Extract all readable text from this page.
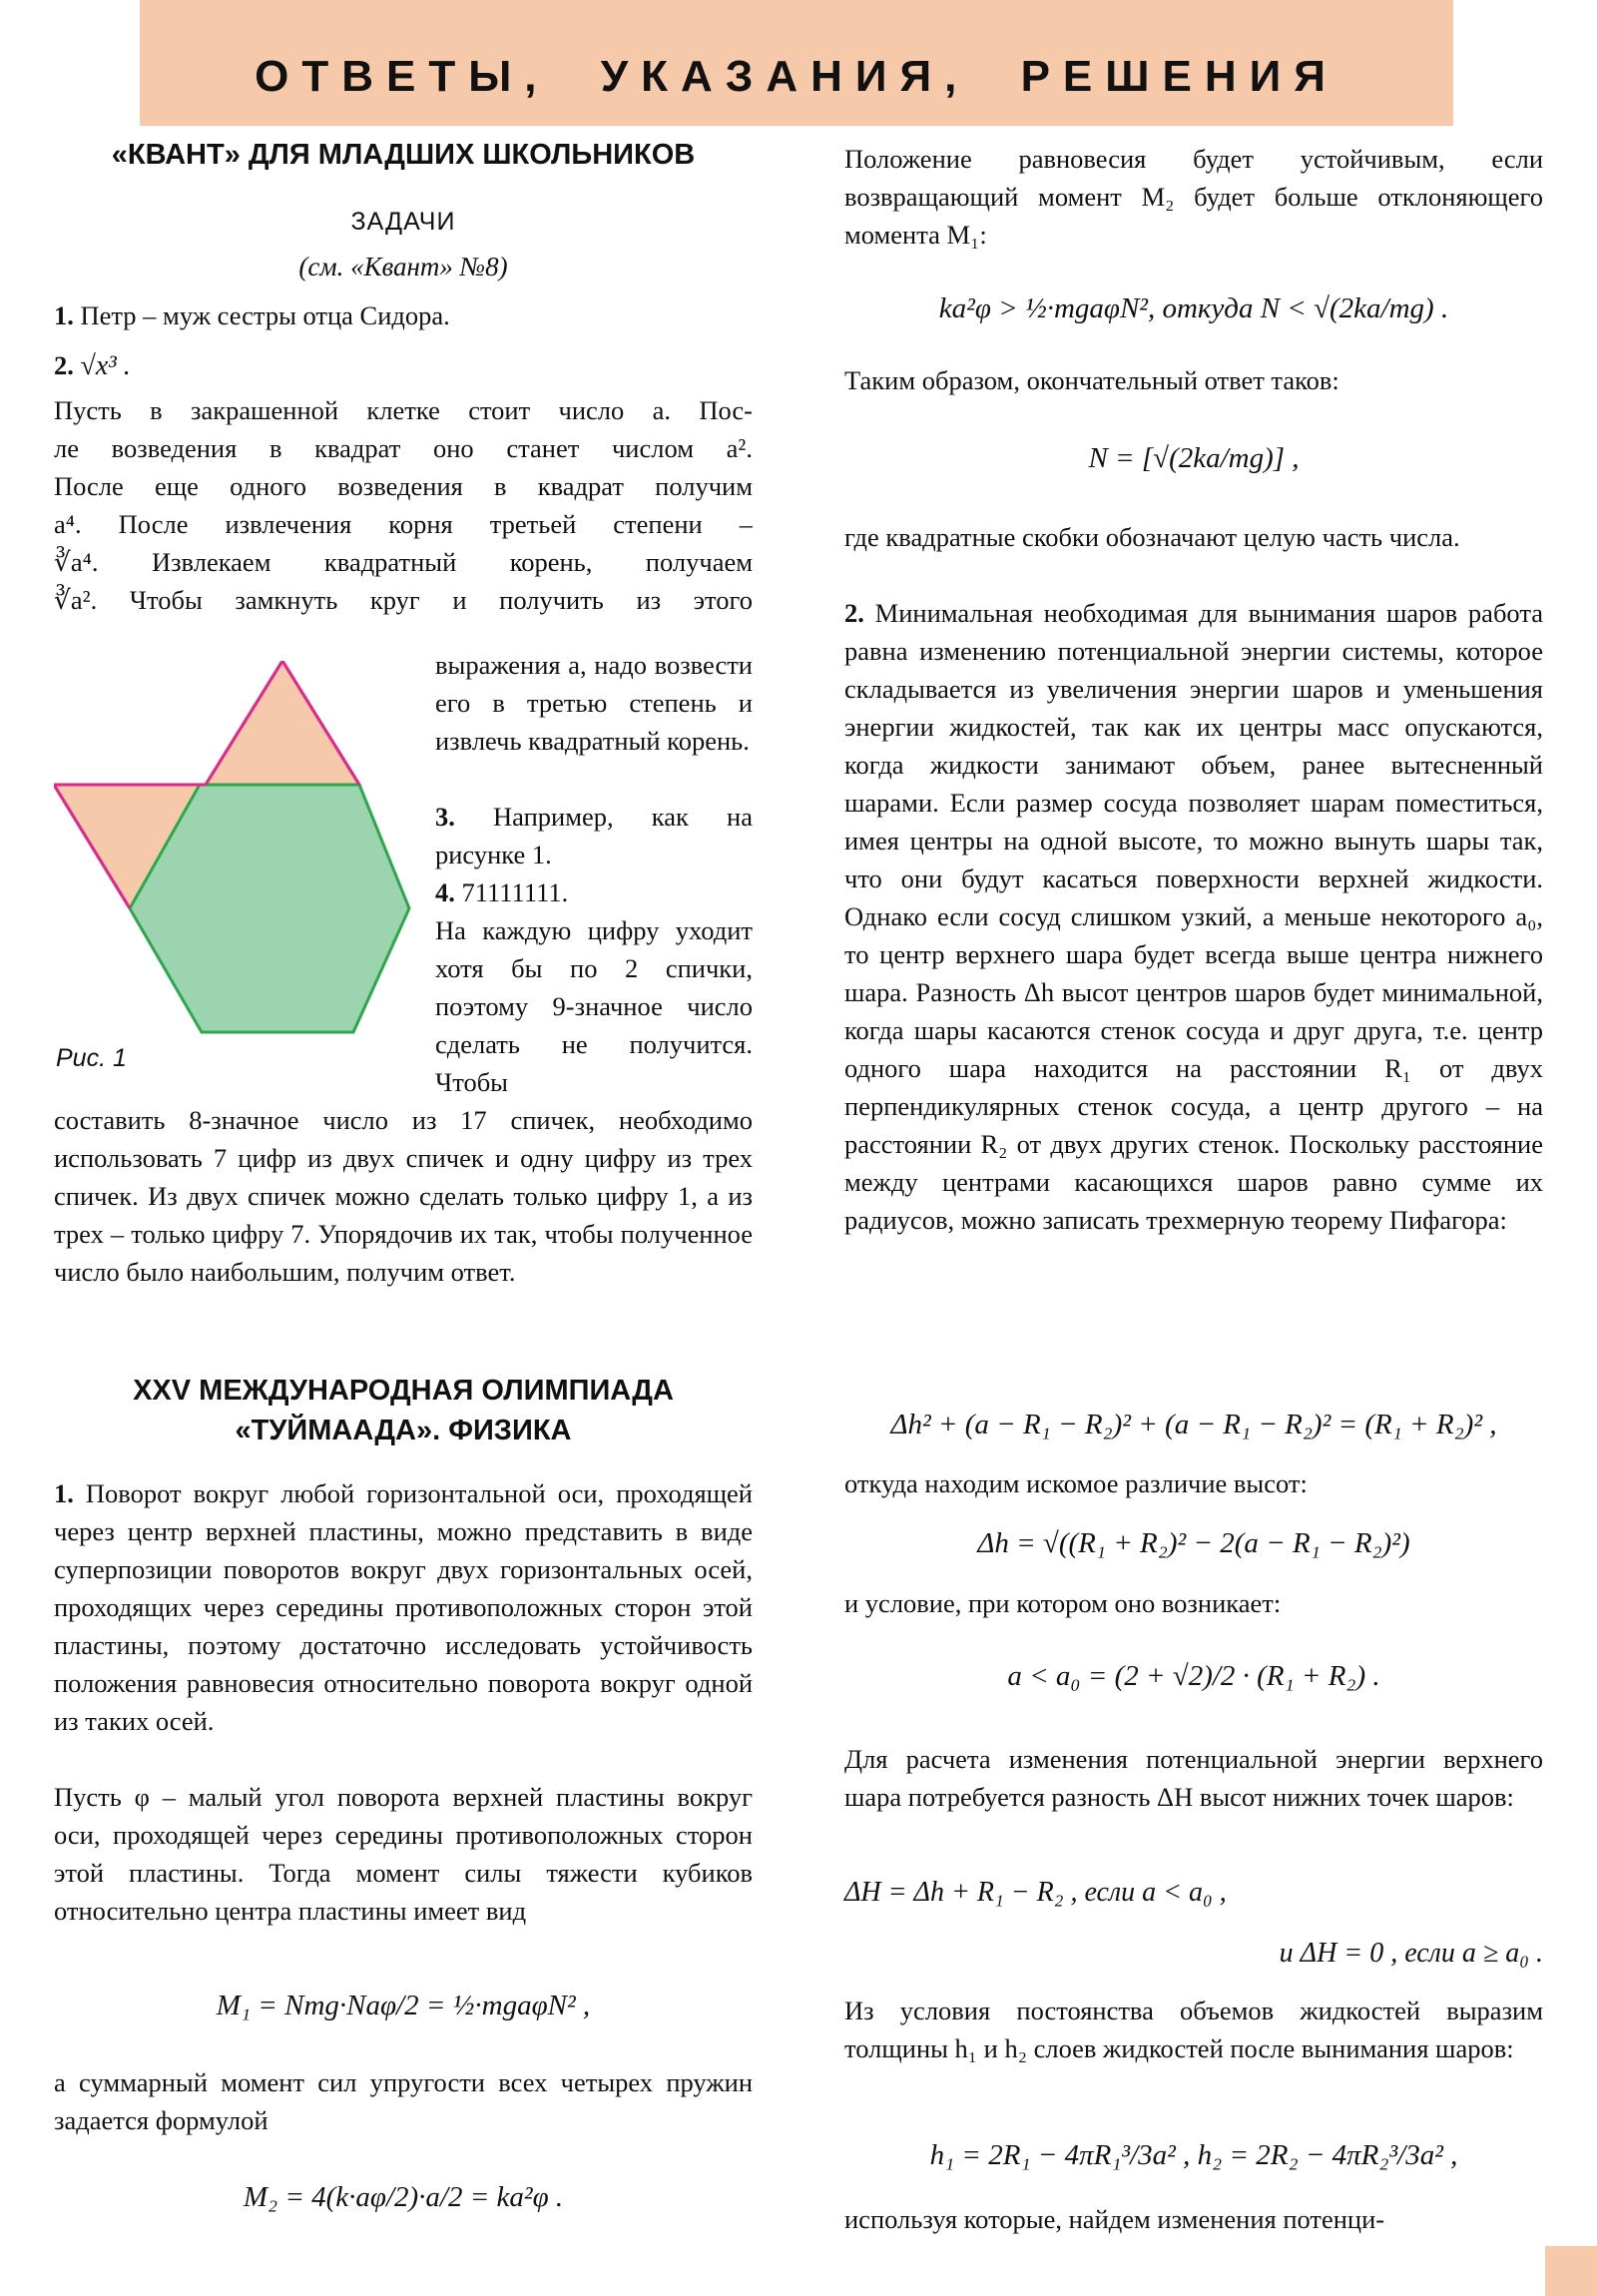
ОТВЕТЫ, УКАЗАНИЯ, РЕШЕНИЯ
«КВАНТ» ДЛЯ МЛАДШИХ ШКОЛЬНИКОВ
ЗАДАЧИ
(см. «Квант» №8)
1. Петр – муж сестры отца Сидора.
2. √x³ .
Пусть в закрашенной клетке стоит число a. Пос-
ле возведения в квадрат оно станет числом a².
После еще одного возведения в квадрат получим
a⁴. После извлечения корня третьей степени –
∛a⁴. Извлекаем квадратный корень, получаем
∛a². Чтобы замкнуть круг и получить из этого
выражения a, надо возвести его в третью степень и извлечь квадратный корень.
3. Например, как на рисунке 1.
4. 71111111.
На каждую цифру уходит хотя бы по 2 спички, поэтому 9-значное число сделать не получится. Чтобы
составить 8-значное число из 17 спичек, необходимо использовать 7 цифр из двух спичек и одну цифру из трех спичек. Из двух спичек можно сделать только цифру 1, а из трех – только цифру 7. Упорядочив их так, чтобы полученное число было наибольшим, получим ответ.
XXV МЕЖДУНАРОДНАЯ ОЛИМПИАДА
«ТУЙМААДА». ФИЗИКА
1. Поворот вокруг любой горизонтальной оси, проходящей через центр верхней пластины, можно представить в виде суперпозиции поворотов вокруг двух горизонтальных осей, проходящих через середины противоположных сторон этой пластины, поэтому достаточно исследовать устойчивость положения равновесия относительно поворота вокруг одной из таких осей.
Пусть φ – малый угол поворота верхней пластины вокруг оси, проходящей через середины противоположных сторон этой пластины. Тогда момент силы тяжести кубиков относительно центра пластины имеет вид
M₁ = Nmg·Naφ/2 = ½·mgaφN² ,
а суммарный момент сил упругости всех четырех пружин задается формулой
M₂ = 4(k·aφ/2)·a/2 = ka²φ .
Рис. 1
Положение равновесия будет устойчивым, если возвращающий момент M₂ будет больше отклоняющего момента M₁:
ka²φ > ½·mgaφN², откуда N < √(2ka/mg) .
Таким образом, окончательный ответ таков:
N = [√(2ka/mg)] ,
где квадратные скобки обозначают целую часть числа.
2. Минимальная необходимая для вынимания шаров работа равна изменению потенциальной энергии системы, которое складывается из увеличения энергии шаров и уменьшения энергии жидкостей, так как их центры масс опускаются, когда жидкости занимают объем, ранее вытесненный шарами. Если размер сосуда позволяет шарам поместиться, имея центры на одной высоте, то можно вынуть шары так, что они будут касаться поверхности верхней жидкости. Однако если сосуд слишком узкий, а меньше некоторого a₀, то центр верхнего шара будет всегда выше центра нижнего шара. Разность Δh высот центров шаров будет минимальной, когда шары касаются стенок сосуда и друг друга, т.е. центр одного шара находится на расстоянии R₁ от двух перпендикулярных стенок сосуда, а центр другого – на расстоянии R₂ от двух других стенок. Поскольку расстояние между центрами касающихся шаров равно сумме их радиусов, можно записать трехмерную теорему Пифагора:
Δh² + (a − R₁ − R₂)² + (a − R₁ − R₂)² = (R₁ + R₂)² ,
откуда находим искомое различие высот:
Δh = √((R₁ + R₂)² − 2(a − R₁ − R₂)²)
и условие, при котором оно возникает:
a < a₀ = (2 + √2)/2 · (R₁ + R₂) .
Для расчета изменения потенциальной энергии верхнего шара потребуется разность ΔH высот нижних точек шаров:
ΔH = Δh + R₁ − R₂ , если a < a₀ ,
и ΔH = 0 , если a ≥ a₀ .
Из условия постоянства объемов жидкостей выразим толщины h₁ и h₂ слоев жидкостей после вынимания шаров:
h₁ = 2R₁ − 4πR₁³/3a² , h₂ = 2R₂ − 4πR₂³/3a² ,
используя которые, найдем изменения потенци-
